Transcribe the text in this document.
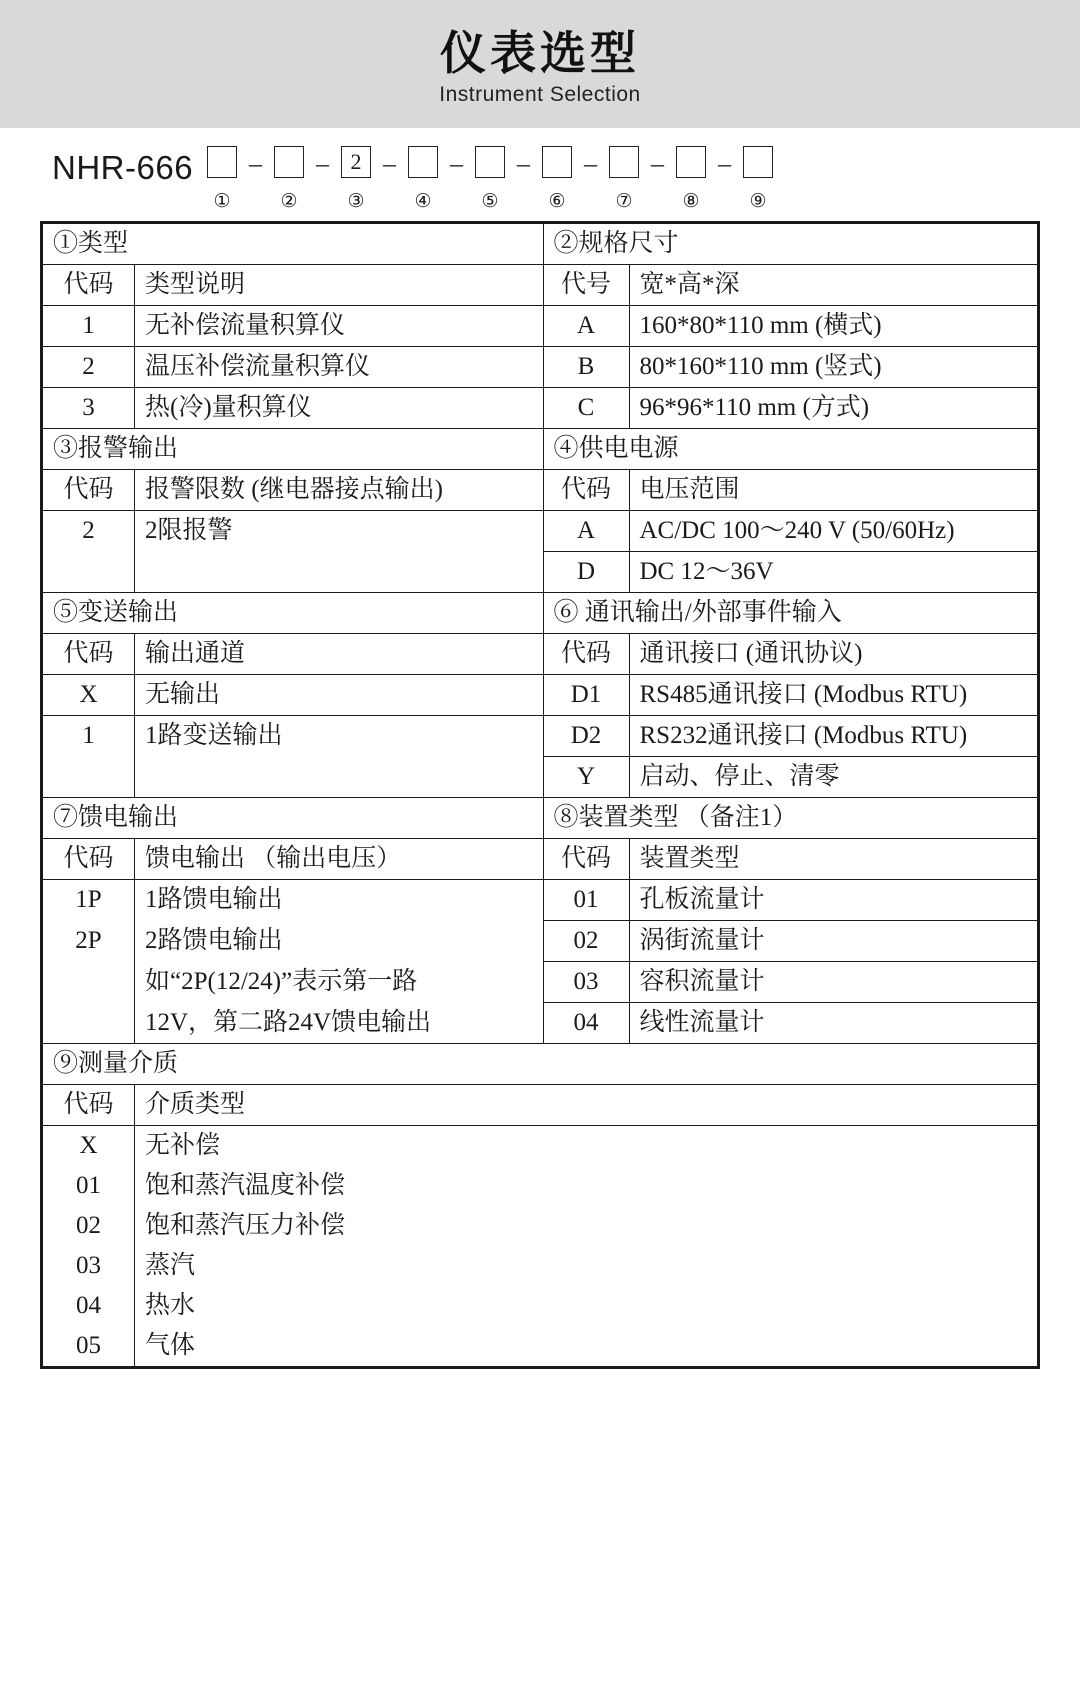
仪表选型
Instrument Selection
NHR-666
①
–
②
– 2
③
–
④
–
⑤
–
⑥
–
⑦
–
⑧
–
⑨
①类型		②规格尺寸	
代码	类型说明	代号	宽*高*深
1	无补偿流量积算仪	A	160*80*110 mm (横式)
2	温压补偿流量积算仪	B	80*160*110 mm (竖式)
3	热(冷)量积算仪	C	96*96*110 mm (方式)
③报警输出		④供电电源	
代码	报警限数 (继电器接点输出)	代码	电压范围
2	2限报警	A	AC/DC 100～240 V (50/60Hz)
		D	DC 12～36V
⑤变送输出		⑥ 通讯输出/外部事件输入	
代码	输出通道	代码	通讯接口 (通讯协议)
X	无输出	D1	RS485通讯接口 (Modbus RTU)
1	1路变送输出	D2	RS232通讯接口 (Modbus RTU)
		Y	启动、停止、清零
⑦馈电输出		⑧装置类型 （备注1）	
代码	馈电输出 （输出电压）	代码	装置类型
1P	1路馈电输出	01	孔板流量计
2P	2路馈电输出	02	涡街流量计
	如“2P(12/24)”表示第一路	03	容积流量计
	12V，第二路24V馈电输出	04	线性流量计
⑨测量介质			
代码	介质类型		
X	无补偿		
01	饱和蒸汽温度补偿		
02	饱和蒸汽压力补偿		
03	蒸汽		
04	热水		
05	气体		
